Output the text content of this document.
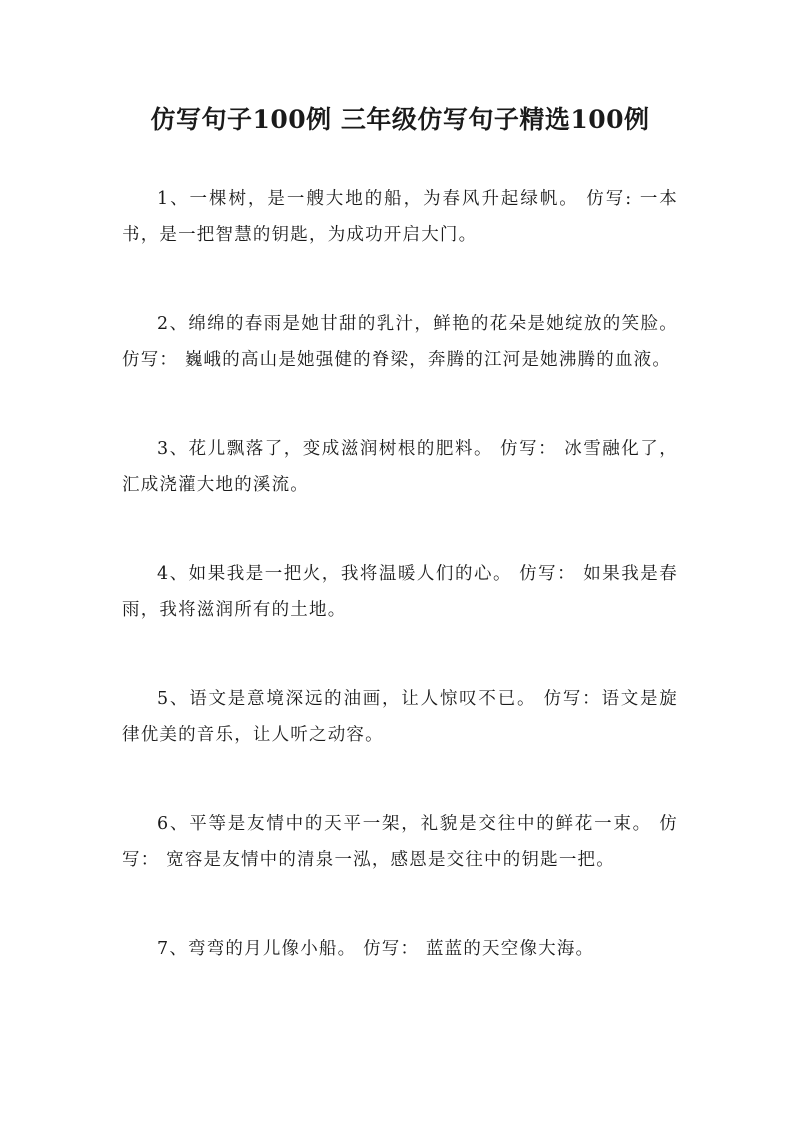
仿写句子100例 三年级仿写句子精选100例

1、一棵树，是一艘大地的船，为春风升起绿帆。 仿写: 一本书，是一把智慧的钥匙，为成功开启大门。

2、绵绵的春雨是她甘甜的乳汁，鲜艳的花朵是她绽放的笑脸。 仿写： 巍峨的高山是她强健的脊梁，奔腾的江河是她沸腾的血液。

3、花儿飘落了，变成滋润树根的肥料。 仿写： 冰雪融化了，汇成浇灌大地的溪流。

4、如果我是一把火，我将温暖人们的心。 仿写： 如果我是春雨，我将滋润所有的土地。

5、语文是意境深远的油画，让人惊叹不已。 仿写：语文是旋律优美的音乐，让人听之动容。

6、平等是友情中的天平一架，礼貌是交往中的鲜花一束。 仿写： 宽容是友情中的清泉一泓，感恩是交往中的钥匙一把。

7、弯弯的月儿像小船。 仿写： 蓝蓝的天空像大海。
